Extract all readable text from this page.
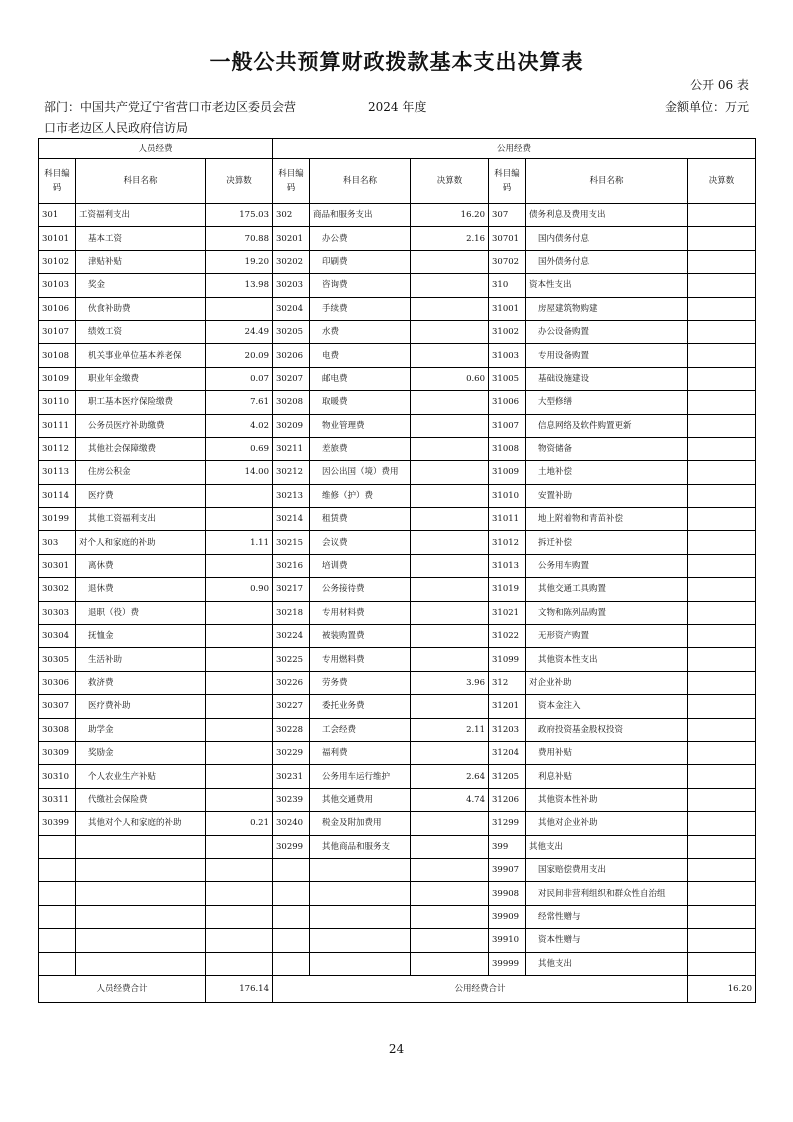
一般公共预算财政拨款基本支出决算表
公开 06 表
部门：中国共产党辽宁省营口市老边区委员会营	2024 年度	金额单位：万元
口市老边区人民政府信访局
人员经费			公用经费					
科目编码	科目名称	决算数	科目编码	科目名称	决算数	科目编码	科目名称	决算数
301	工资福利支出	175.03	302	商品和服务支出	16.20	307	债务利息及费用支出	
30101	基本工资	70.88	30201	办公费	2.16	30701	国内债务付息	
30102	津贴补贴	19.20	30202	印刷费		30702	国外债务付息	
30103	奖金	13.98	30203	咨询费		310	资本性支出	
30106	伙食补助费		30204	手续费		31001	房屋建筑物购建	
30107	绩效工资	24.49	30205	水费		31002	办公设备购置	
30108	机关事业单位基本养老保	20.09	30206	电费		31003	专用设备购置	
30109	职业年金缴费	0.07	30207	邮电费	0.60	31005	基础设施建设	
30110	职工基本医疗保险缴费	7.61	30208	取暖费		31006	大型修缮	
30111	公务员医疗补助缴费	4.02	30209	物业管理费		31007	信息网络及软件购置更新	
30112	其他社会保障缴费	0.69	30211	差旅费		31008	物资储备	
30113	住房公积金	14.00	30212	因公出国（境）费用		31009	土地补偿	
30114	医疗费		30213	维修（护）费		31010	安置补助	
30199	其他工资福利支出		30214	租赁费		31011	地上附着物和青苗补偿	
303	对个人和家庭的补助	1.11	30215	会议费		31012	拆迁补偿	
30301	离休费		30216	培训费		31013	公务用车购置	
30302	退休费	0.90	30217	公务接待费		31019	其他交通工具购置	
30303	退职（役）费		30218	专用材料费		31021	文物和陈列品购置	
30304	抚恤金		30224	被装购置费		31022	无形资产购置	
30305	生活补助		30225	专用燃料费		31099	其他资本性支出	
30306	救济费		30226	劳务费	3.96	312	对企业补助	
30307	医疗费补助		30227	委托业务费		31201	资本金注入	
30308	助学金		30228	工会经费	2.11	31203	政府投资基金股权投资	
30309	奖励金		30229	福利费		31204	费用补贴	
30310	个人农业生产补贴		30231	公务用车运行维护	2.64	31205	利息补贴	
30311	代缴社会保险费		30239	其他交通费用	4.74	31206	其他资本性补助	
30399	其他对个人和家庭的补助	0.21	30240	税金及附加费用		31299	其他对企业补助	
			30299	其他商品和服务支		399	其他支出	
						39907	国家赔偿费用支出	
						39908	对民间非营利组织和群众性自治组	
						39909	经常性赠与	
						39910	资本性赠与	
						39999	其他支出	
人员经费合计		176.14	公用经费合计					16.20
24
